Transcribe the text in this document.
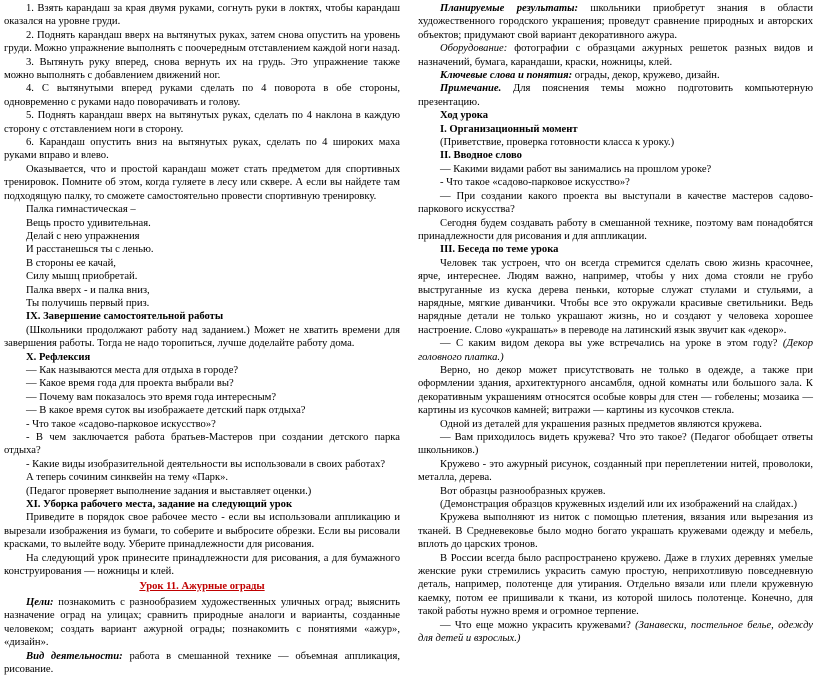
1. Взять карандаш за края двумя руками, согнуть руки в локтях, чтобы карандаш оказался на уровне груди.

2. Поднять карандаш вверх на вытянутых руках, затем снова опустить на уровень груди. Можно упражнение выполнять с поочередным отставлением каждой ноги назад.

3. Вытянуть руку вперед, снова вернуть их на грудь. Это упражнение также можно выполнять с добавлением движений ног.

4. С вытянутыми вперед руками сделать по 4 поворота в обе стороны, одновременно с руками надо поворачивать и голову.

5. Поднять карандаш вверх на вытянутых руках, сделать по 4 наклона в каждую сторону с отставлением ноги в сторону.

6. Карандаш опустить вниз на вытянутых руках, сделать по 4 широких маха руками вправо и влево.

Оказывается, что и простой карандаш может стать предметом для спортивных тренировок. Помните об этом, когда гуляете в лесу или сквере. А если вы найдете там подходящую палку, то сможете самостоятельно провести спортивную тренировку.

Палка гимнастическая –

Вещь просто удивительная.

Делай с нею упражнения

И расстанешься ты с ленью.

В стороны ее качай,

Силу мышц приобретай.

Палка вверх - и палка вниз,

Ты получишь первый приз.

IX. Завершение самостоятельной работы

(Школьники продолжают работу над заданием.) Может не хватить времени для завершения работы. Тогда не надо торопиться, лучше доделайте работу дома.

X. Рефлексия

— Как называются места для отдыха в городе?

— Какое время года для проекта выбрали вы?

— Почему вам показалось это время года интересным?

— В какое время суток вы изображаете детский парк отдыха?

- Что такое «садово-парковое искусство»?

- В чем заключается работа братьев-Мастеров при создании детского парка отдыха?

- Какие виды изобразительной деятельности вы использовали в своих работах?

А теперь сочиним синквейн на тему «Парк».

(Педагог проверяет выполнение задания и выставляет оценки.)

XI. Уборка рабочего места, задание на следующий урок

Приведите в порядок свое рабочее место - если вы использовали аппликацию и вырезали изображения из бумаги, то соберите и выбросите обрезки. Если вы рисовали красками, то вылейте воду. Уберите принадлежности для рисования.

На следующий урок принесите принадлежности для рисования, а для бумажного конструирования — ножницы и клей.

Урок 11. Ажурные ограды

Цели: познакомить с разнообразием художественных уличных оград; выяснить назначение оград на улицах; сравнить природные аналоги и варианты, созданные человеком; создать вариант ажурной ограды; познакомить с понятиями «ажур», «дизайн».

Вид деятельности: работа в смешанной технике — объемная аппликация, рисование.

Планируемые результаты: школьники приобретут знания в области художественного городского украшения; проведут сравнение природных и авторских объектов; придумают свой вариант декоративного ажура.

Оборудование: фотографии с образцами ажурных решеток разных видов и назначений, бумага, карандаши, краски, ножницы, клей.

Ключевые слова и понятия: ограды, декор, кружево, дизайн.

Примечание. Для пояснения темы можно подготовить компьютерную презентацию.

Ход урока

I. Организационный момент

(Приветствие, проверка готовности класса к уроку.)

II. Вводное слово

— Какими видами работ вы занимались на прошлом уроке?

- Что такое «садово-парковое искусство»?

— При создании какого проекта вы выступали в качестве мастеров садово-паркового искусства?

Сегодня будем создавать работу в смешанной технике, поэтому вам понадобятся принадлежности для рисования и для аппликации.

III. Беседа по теме урока

Человек так устроен, что он всегда стремится сделать свою жизнь красочнее, ярче, интереснее. Людям важно, например, чтобы у них дома стояли не грубо выструганные из куска дерева пеньки, которые служат стулами и стульями, а нарядные, мягкие диванчики. Чтобы все это окружали красивые светильники. Ведь нарядные детали не только украшают жизнь, но и создают у человека хорошее настроение. Слово «украшать» в переводе на латинский язык звучит как «декор».

— С каким видом декора вы уже встречались на уроке в этом году? (Декор головного платка.)

Верно, но декор может присутствовать не только в одежде, а также при оформлении здания, архитектурного ансамбля, одной комнаты или большого зала. К декоративным украшениям относятся особые ковры для стен — гобелены; мозаика — картины из кусочков камней; витражи — картины из кусочков стекла.

Одной из деталей для украшения разных предметов являются кружева.

— Вам приходилось видеть кружева? Что это такое? (Педагог обобщает ответы школьников.)

Кружево - это ажурный рисунок, созданный при переплетении нитей, проволоки, металла, дерева.

Вот образцы разнообразных кружев.

(Демонстрация образцов кружевных изделий или их изображений на слайдах.)

Кружева выполняют из ниток с помощью плетения, вязания или вырезания из тканей. В Средневековье было модно богато украшать кружевами одежду и мебель, вплоть до царских тронов.

В России всегда было распространено кружево. Даже в глухих деревнях умелые женские руки стремились украсить самую простую, неприхотливую повседневную деталь, например, полотенце для утирания. Отдельно вязали или плели кружевную каемку, потом ее пришивали к ткани, из которой шилось полотенце. Конечно, для такой работы нужно время и огромное терпение.

— Что еще можно украсить кружевами? (Занавески, постельное белье, одежду для детей и взрослых.)
